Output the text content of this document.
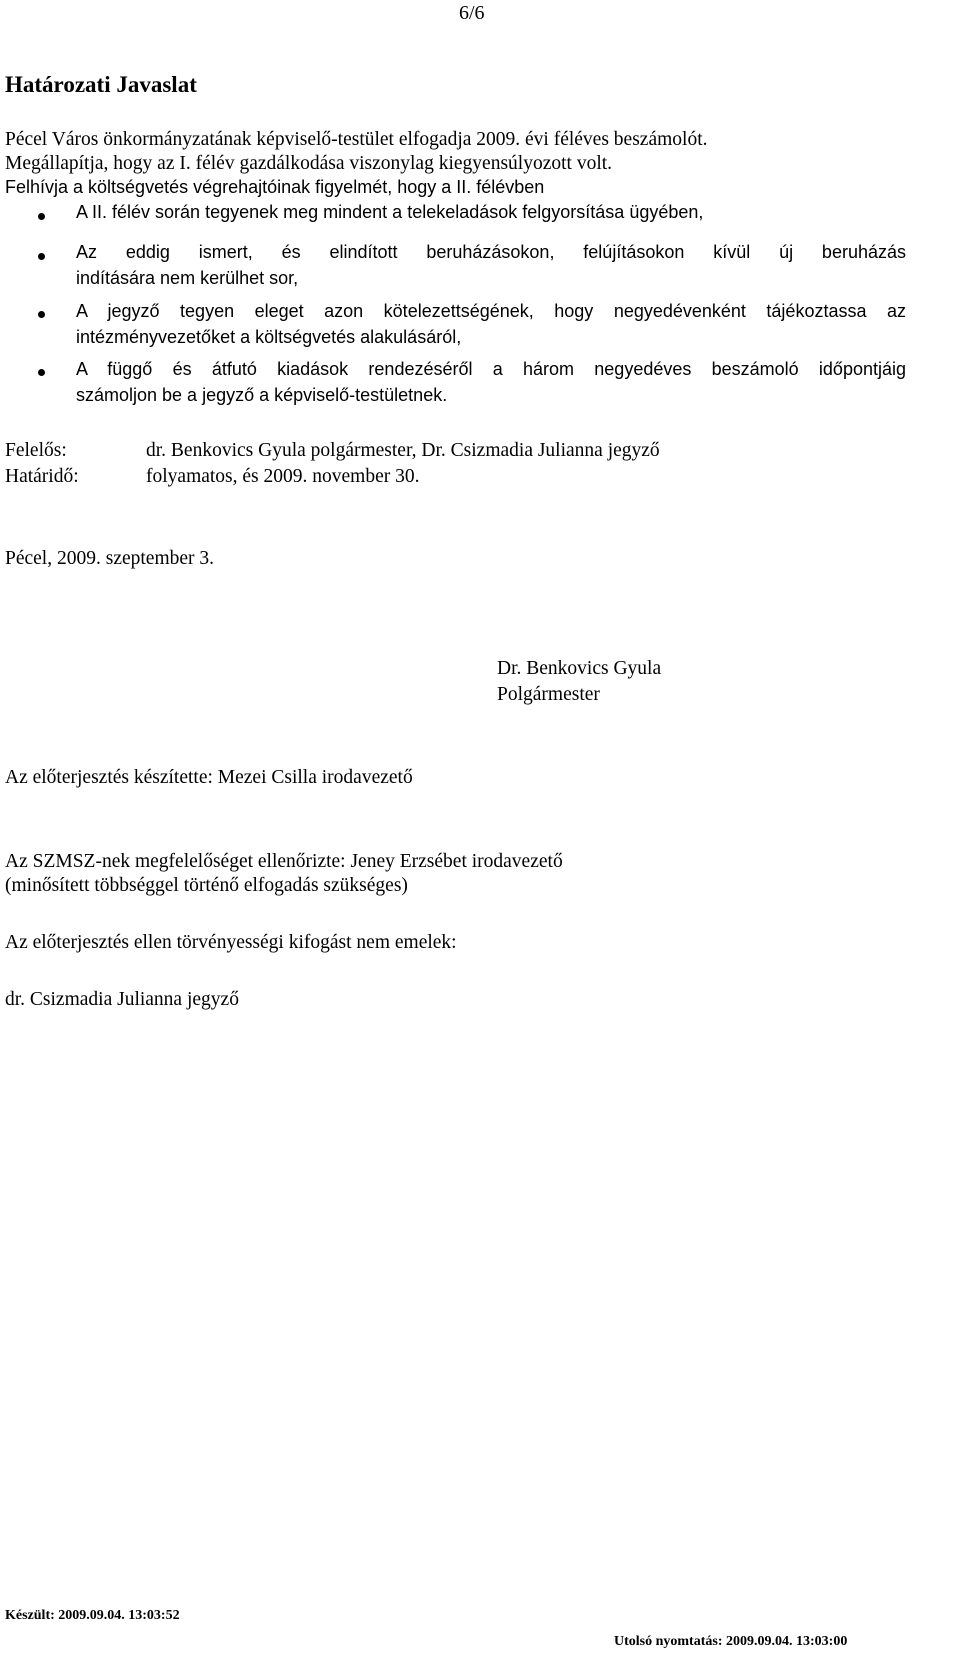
6/6
Határozati Javaslat
Pécel Város önkormányzatának képviselő-testület elfogadja 2009. évi féléves beszámolót.
Megállapítja, hogy az I. félév gazdálkodása viszonylag kiegyensúlyozott volt.
Felhívja a költségvetés végrehajtóinak figyelmét, hogy a II. félévben
A II. félév során tegyenek meg mindent a telekeladások felgyorsítása ügyében,
Az eddig ismert, és elindított beruházásokon, felújításokon kívül új beruházás
indítására nem kerülhet sor,
A jegyző tegyen eleget azon kötelezettségének, hogy negyedévenként tájékoztassa az
intézményvezetőket a költségvetés alakulásáról,
A függő és átfutó kiadások rendezéséről a három negyedéves beszámoló időpontjáig
számoljon be a jegyző a képviselő-testületnek.
Felelős:	dr. Benkovics Gyula polgármester, Dr. Csizmadia Julianna jegyző
Határidő:	folyamatos, és 2009. november 30.
Pécel, 2009. szeptember 3.
Dr. Benkovics Gyula
Polgármester
Az előterjesztés készítette: Mezei Csilla irodavezető
Az SZMSZ-nek megfelelőséget ellenőrizte: Jeney Erzsébet irodavezető
(minősített többséggel történő elfogadás szükséges)
Az előterjesztés ellen törvényességi kifogást nem emelek:
dr. Csizmadia Julianna jegyző
Készült: 2009.09.04. 13:03:52
Utolsó nyomtatás: 2009.09.04. 13:03:00
